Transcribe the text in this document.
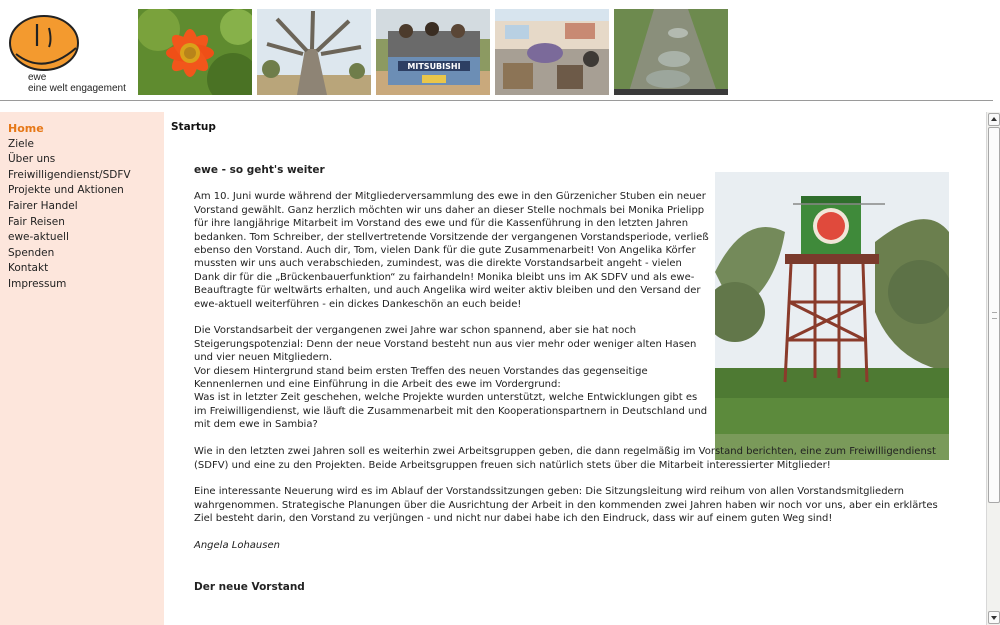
ewe
eine welt engagement
MITSUBISHI
Home
Ziele
Über uns
Freiwilligendienst/SDFV
Projekte und Aktionen
Fairer Handel
Fair Reisen
ewe-aktuell
Spenden
Kontakt
Impressum
Startup
ewe - so geht's weiter

Am 10. Juni wurde während der Mitgliederversammlung des ewe in den Gürzenicher Stuben ein neuer Vorstand gewählt. Ganz herzlich möchten wir uns daher an dieser Stelle nochmals bei Monika Prielipp für ihre langjährige Mitarbeit im Vorstand des ewe und für die Kassenführung in den letzten Jahren bedanken. Tom Schreiber, der stellvertretende Vorsitzende der vergangenen Vorstandsperiode, verließ ebenso den Vorstand. Auch dir, Tom, vielen Dank für die gute Zusammenarbeit! Von Angelika Körfer mussten wir uns auch verabschieden, zumindest, was die direkte Vorstandsarbeit angeht - vielen Dank dir für die „Brückenbauerfunktion“ zu fairhandeln! Monika bleibt uns im AK SDFV und als ewe-Beauftragte für weltwärts erhalten, und auch Angelika wird weiter aktiv bleiben und den Versand der ewe-aktuell weiterführen - ein dickes Dankeschön an euch beide!

Die Vorstandsarbeit der vergangenen zwei Jahre war schon spannend, aber sie hat noch Steigerungspotenzial: Denn der neue Vorstand besteht nun aus vier mehr oder weniger alten Hasen und vier neuen Mitgliedern.

Vor diesem Hintergrund stand beim ersten Treffen des neuen Vorstandes das gegenseitige Kennenlernen und eine Einführung in die Arbeit des ewe im Vordergrund:

Was ist in letzter Zeit geschehen, welche Projekte wurden unterstützt, welche Entwicklungen gibt es im Freiwilligendienst, wie läuft die Zusammenarbeit mit den Kooperationspartnern in Deutschland und mit dem ewe in Sambia?

Wie in den letzten zwei Jahren soll es weiterhin zwei Arbeitsgruppen geben, die dann regelmäßig im Vorstand berichten, eine zum Freiwilligendienst (SDFV) und eine zu den Projekten. Beide Arbeitsgruppen freuen sich natürlich stets über die Mitarbeit interessierter Mitglieder!

Eine interessante Neuerung wird es im Ablauf der Vorstandssitzungen geben: Die Sitzungsleitung wird reihum von allen Vorstandsmitgliedern wahrgenommen. Strategische Planungen über die Ausrichtung der Arbeit in den kommenden zwei Jahren haben wir noch vor uns, aber ein erklärtes Ziel besteht darin, den Vorstand zu verjüngen - und nicht nur dabei habe ich den Eindruck, dass wir auf einem guten Weg sind!

Angela Lohausen

Der neue Vorstand
